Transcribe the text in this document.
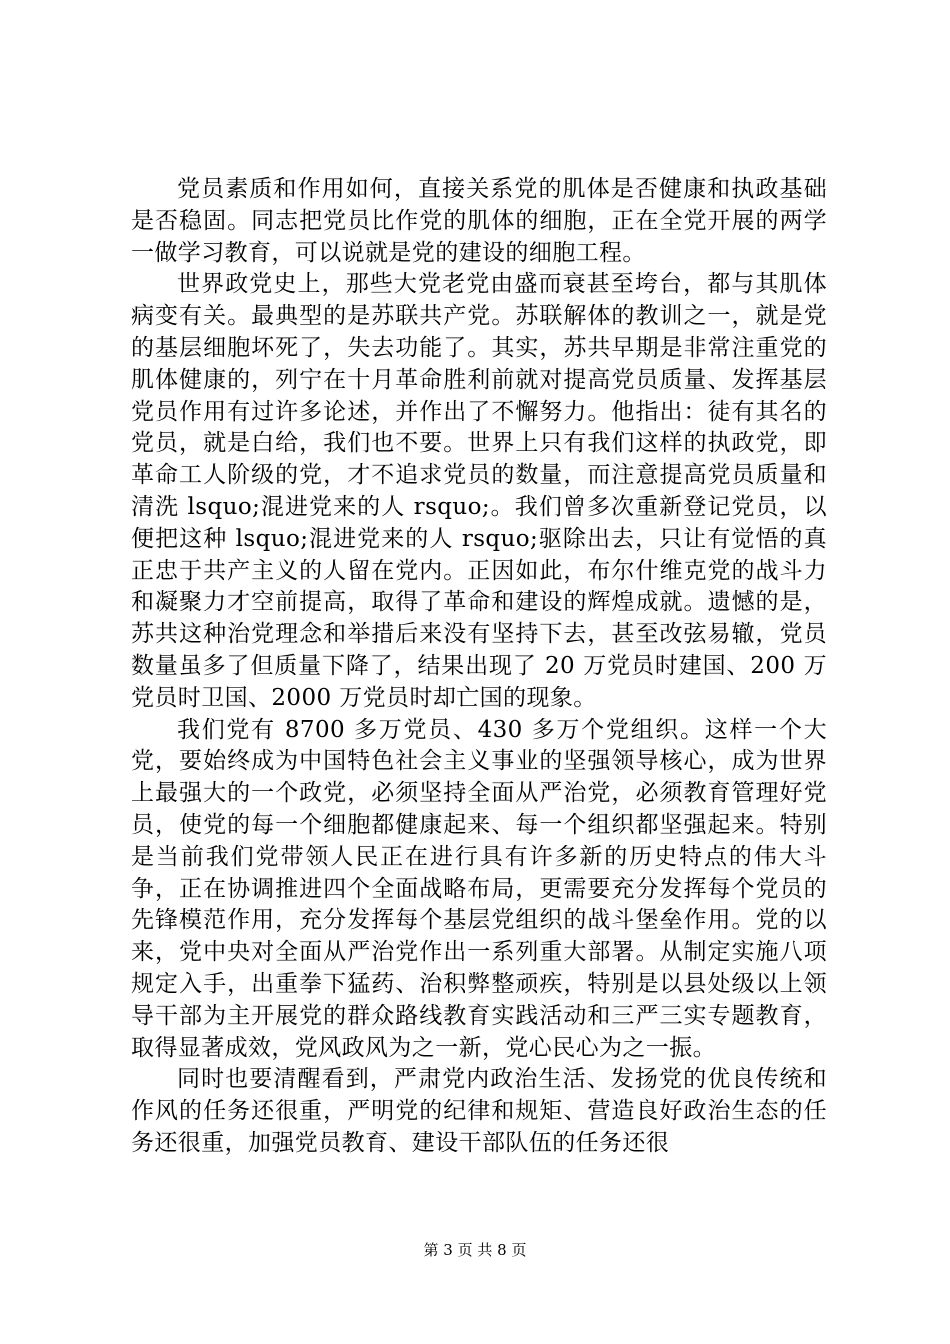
党员素质和作用如何，直接关系党的肌体是否健康和执政基础是否稳固。同志把党员比作党的肌体的细胞，正在全党开展的两学一做学习教育，可以说就是党的建设的细胞工程。

世界政党史上，那些大党老党由盛而衰甚至垮台，都与其肌体病变有关。最典型的是苏联共产党。苏联解体的教训之一，就是党的基层细胞坏死了，失去功能了。其实，苏共早期是非常注重党的肌体健康的，列宁在十月革命胜利前就对提高党员质量、发挥基层党员作用有过许多论述，并作出了不懈努力。他指出：徒有其名的党员，就是白给，我们也不要。世界上只有我们这样的执政党，即革命工人阶级的党，才不追求党员的数量，而注意提高党员质量和清洗 lsquo;混进党来的人 rsquo;。我们曾多次重新登记党员，以便把这种 lsquo;混进党来的人 rsquo;驱除出去，只让有觉悟的真正忠于共产主义的人留在党内。正因如此，布尔什维克党的战斗力和凝聚力才空前提高，取得了革命和建设的辉煌成就。遗憾的是，苏共这种治党理念和举措后来没有坚持下去，甚至改弦易辙，党员数量虽多了但质量下降了，结果出现了 20 万党员时建国、200 万党员时卫国、2000 万党员时却亡国的现象。

我们党有 8700 多万党员、430 多万个党组织。这样一个大党，要始终成为中国特色社会主义事业的坚强领导核心，成为世界上最强大的一个政党，必须坚持全面从严治党，必须教育管理好党员，使党的每一个细胞都健康起来、每一个组织都坚强起来。特别是当前我们党带领人民正在进行具有许多新的历史特点的伟大斗争，正在协调推进四个全面战略布局，更需要充分发挥每个党员的先锋模范作用，充分发挥每个基层党组织的战斗堡垒作用。党的以来，党中央对全面从严治党作出一系列重大部署。从制定实施八项规定入手，出重拳下猛药、治积弊整顽疾，特别是以县处级以上领导干部为主开展党的群众路线教育实践活动和三严三实专题教育，取得显著成效，党风政风为之一新，党心民心为之一振。

同时也要清醒看到，严肃党内政治生活、发扬党的优良传统和作风的任务还很重，严明党的纪律和规矩、营造良好政治生态的任务还很重，加强党员教育、建设干部队伍的任务还很

第 3 页 共 8 页
